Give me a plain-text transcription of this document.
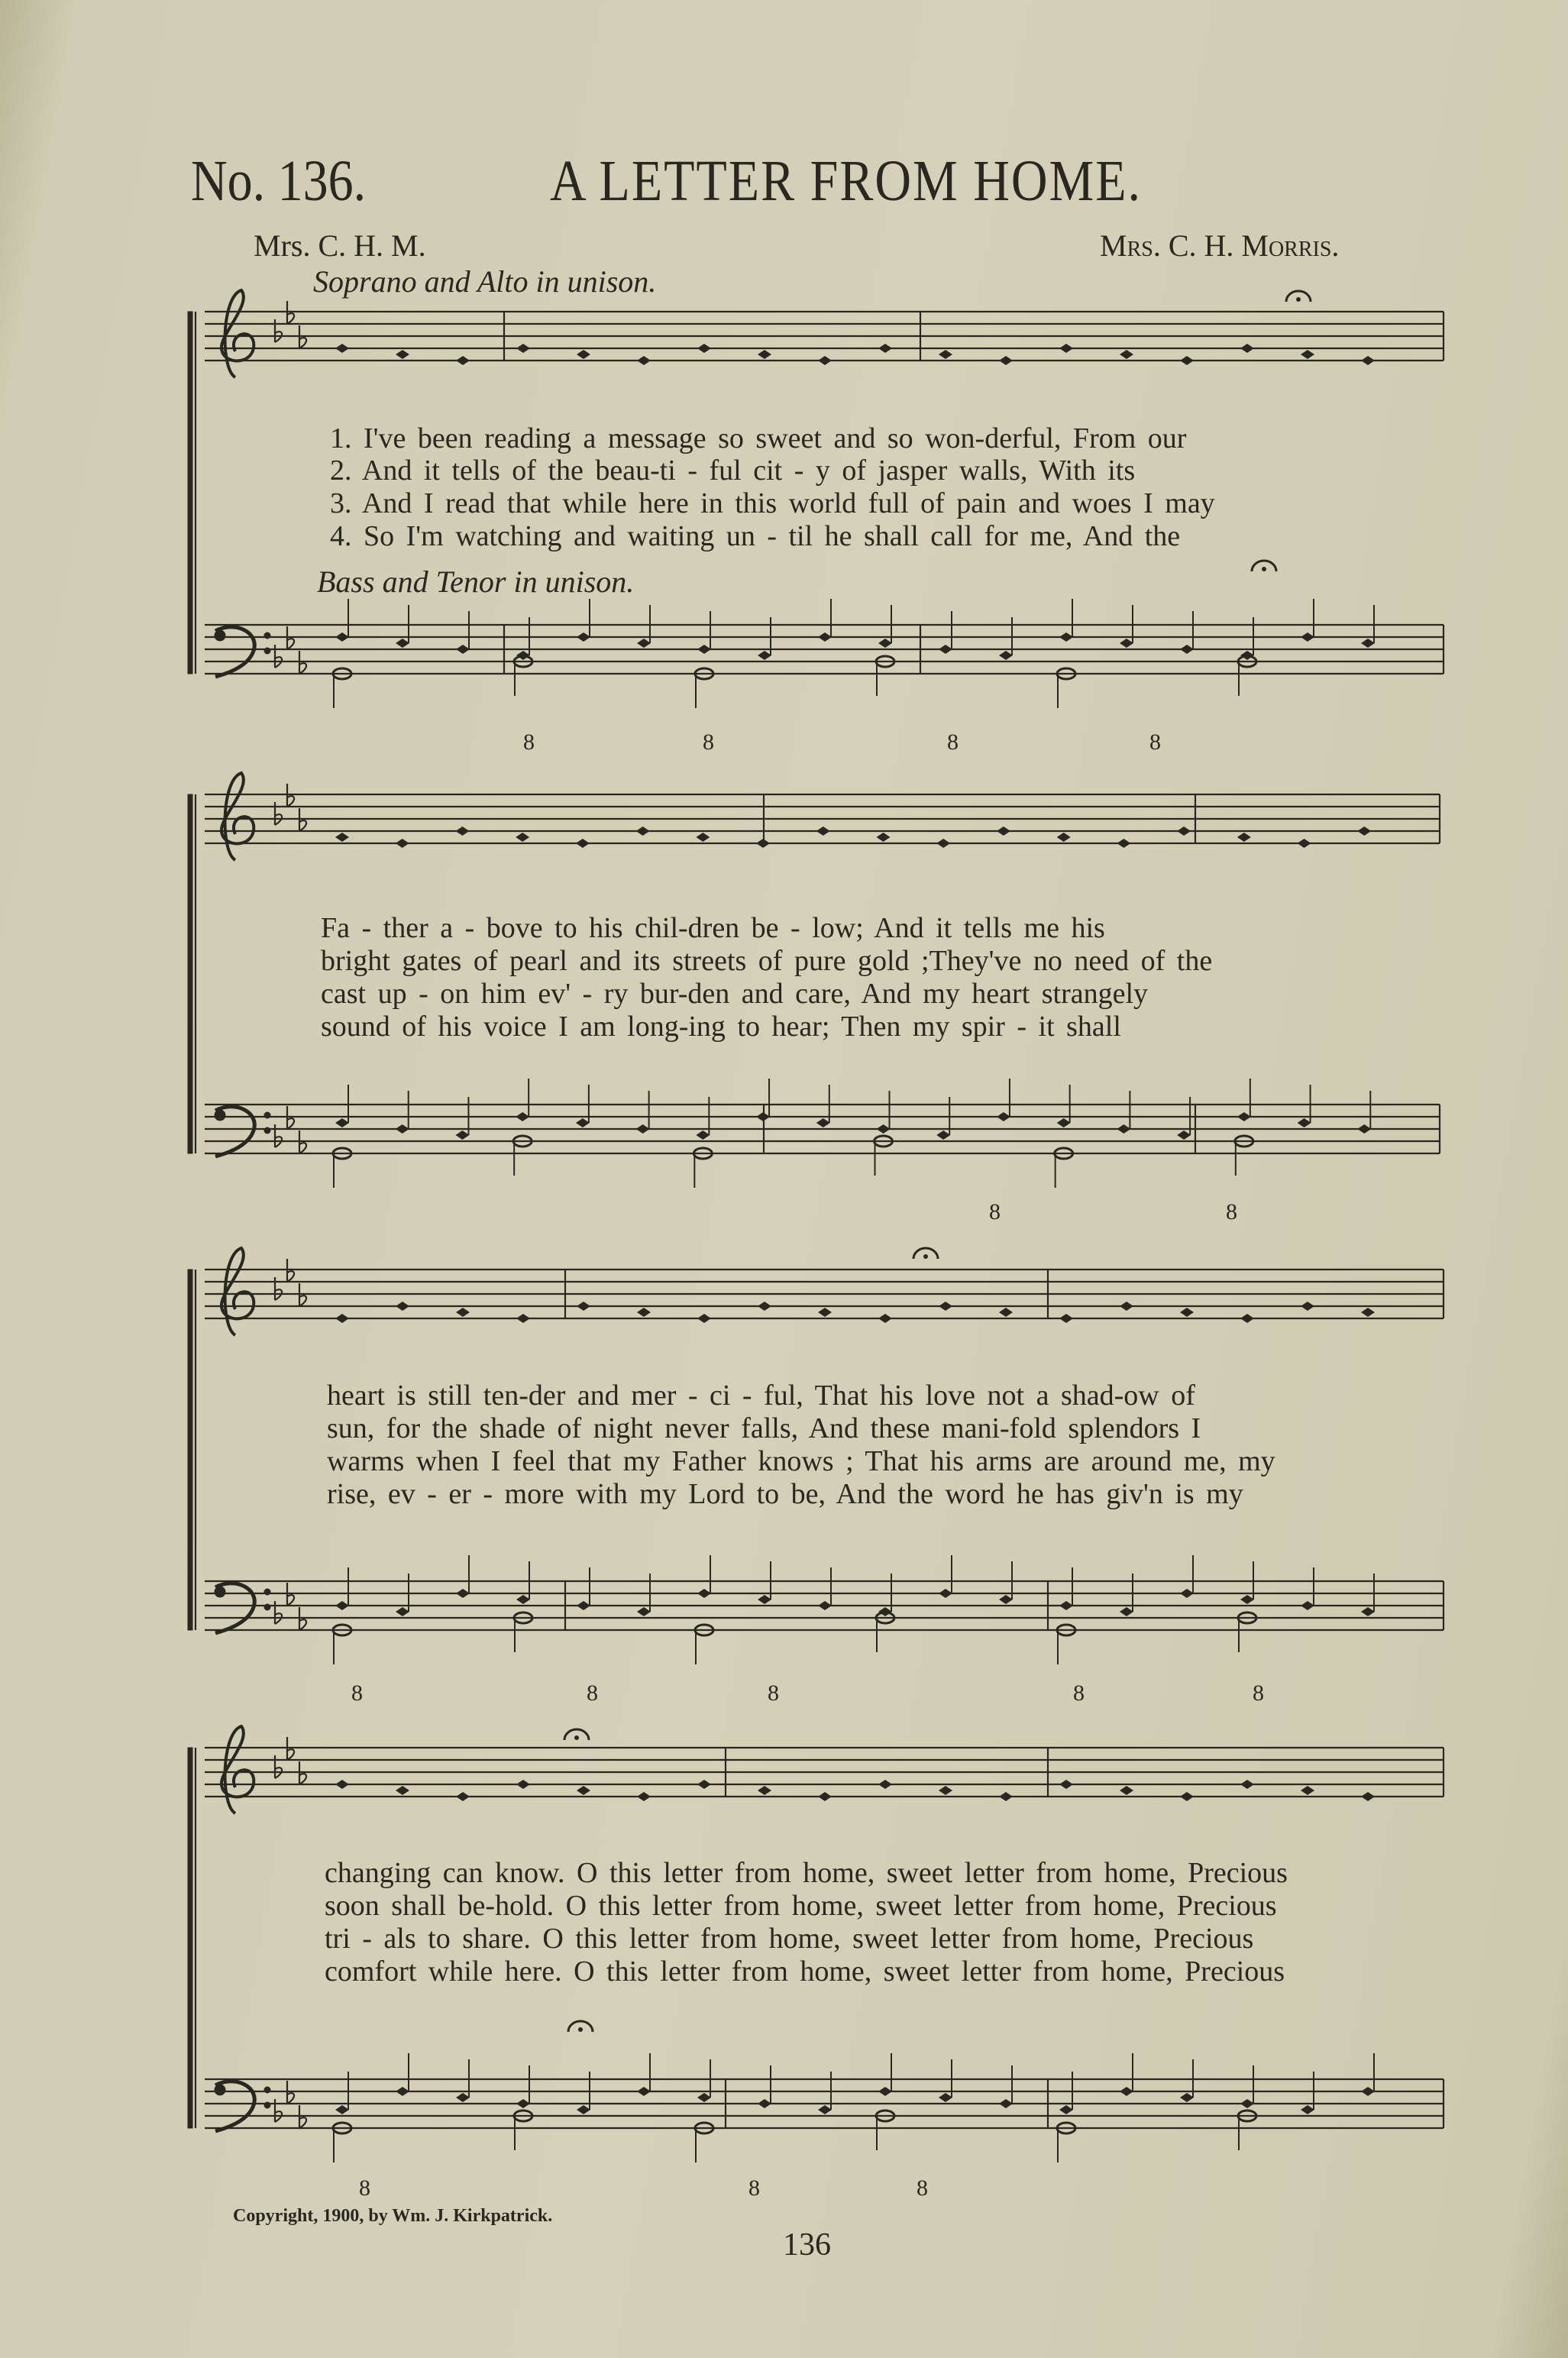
No. 136.	A LETTER FROM HOME.
Mrs. C. H. M.	Mrs. C. H. Morris.
Soprano and Alto in unison.
Bass and Tenor in unison.
1. I've been reading a message so sweet and so won-derful, From our
2. And it tells of the beau-ti - ful cit - y of jasper walls, With its
3. And I read that while here in this world full of pain and woes I may
4. So I'm watching and waiting un - til he shall call for me, And the
8	8	8	8
Fa - ther a - bove to his chil-dren be - low; And it tells me his
bright gates of pearl and its streets of pure gold ;They've no need of the
cast up - on him ev' - ry bur-den and care, And my heart strangely
sound of his voice I am long-ing to hear; Then my spir - it shall
8	8
heart is still ten-der and mer - ci - ful, That his love not a shad-ow of
sun, for the shade of night never falls, And these mani-fold splendors I
warms when I feel that my Father knows ; That his arms are around me, my
rise, ev - er - more with my Lord to be, And the word he has giv'n is my
8	8	8	8	8
changing can know. O this letter from home, sweet letter from home, Precious
soon shall be-hold. O this letter from home, sweet letter from home, Precious
tri - als to share. O this letter from home, sweet letter from home, Precious
comfort while here. O this letter from home, sweet letter from home, Precious
8	8	8
Copyright, 1900, by Wm. J. Kirkpatrick.
136
